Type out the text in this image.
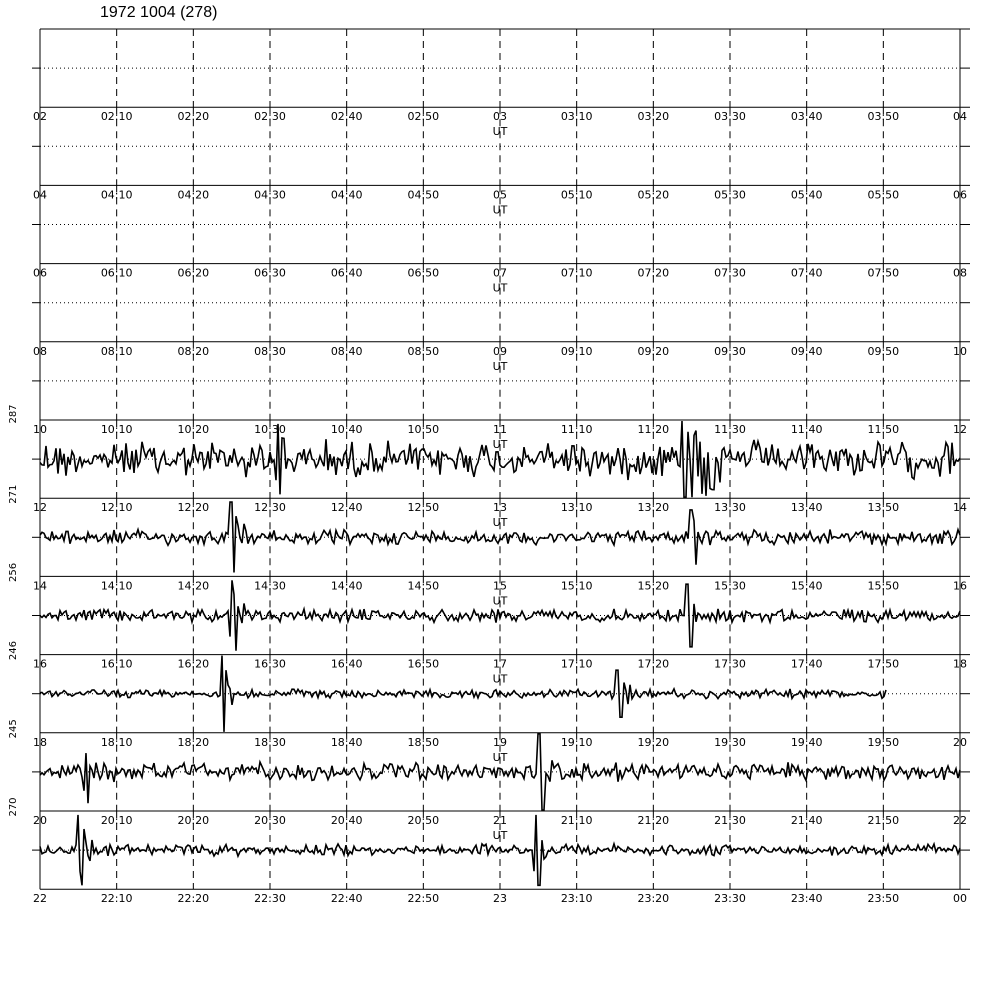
1972 1004 (278)
02	02:10	02:20	02:30	02:40	02:50	03	03:10	03:20	03:30	03:40	03:50	04
UT
04	04:10	04:20	04:30	04:40	04:50	05	05:10	05:20	05:30	05:40	05:50	06
UT
06	06:10	06:20	06:30	06:40	06:50	07	07:10	07:20	07:30	07:40	07:50	08
UT
08	08:10	08:20	08:30	08:40	08:50	09	09:10	09:20	09:30	09:40	09:50	10
UT
10	10:10	10:20	10:30	10:40	10:50	11	11:10	11:20	11:30	11:40	11:50	12
UT
12	12:10	12:20	12:30	12:40	12:50	13	13:10	13:20	13:30	13:40	13:50	14
UT
287
271
14	14:10	14:20	14:30	14:40	14:50	15	15:10	15:20	15:30	15:40	15:50	16
UT
256
16	16:10	16:20	16:30	16:40	16:50	17	17:10	17:20	17:30	17:40	17:50	18
UT
246
18	18:10	18:20	18:30	18:40	18:50	19	19:10	19:20	19:30	19:40	19:50	20
UT
245
20	20:10	20:20	20:30	20:40	20:50	21	21:10	21:20	21:30	21:40	21:50	22
UT
270
22	22:10	22:20	22:30	22:40	22:50	23	23:10	23:20	23:30	23:40	23:50	00
